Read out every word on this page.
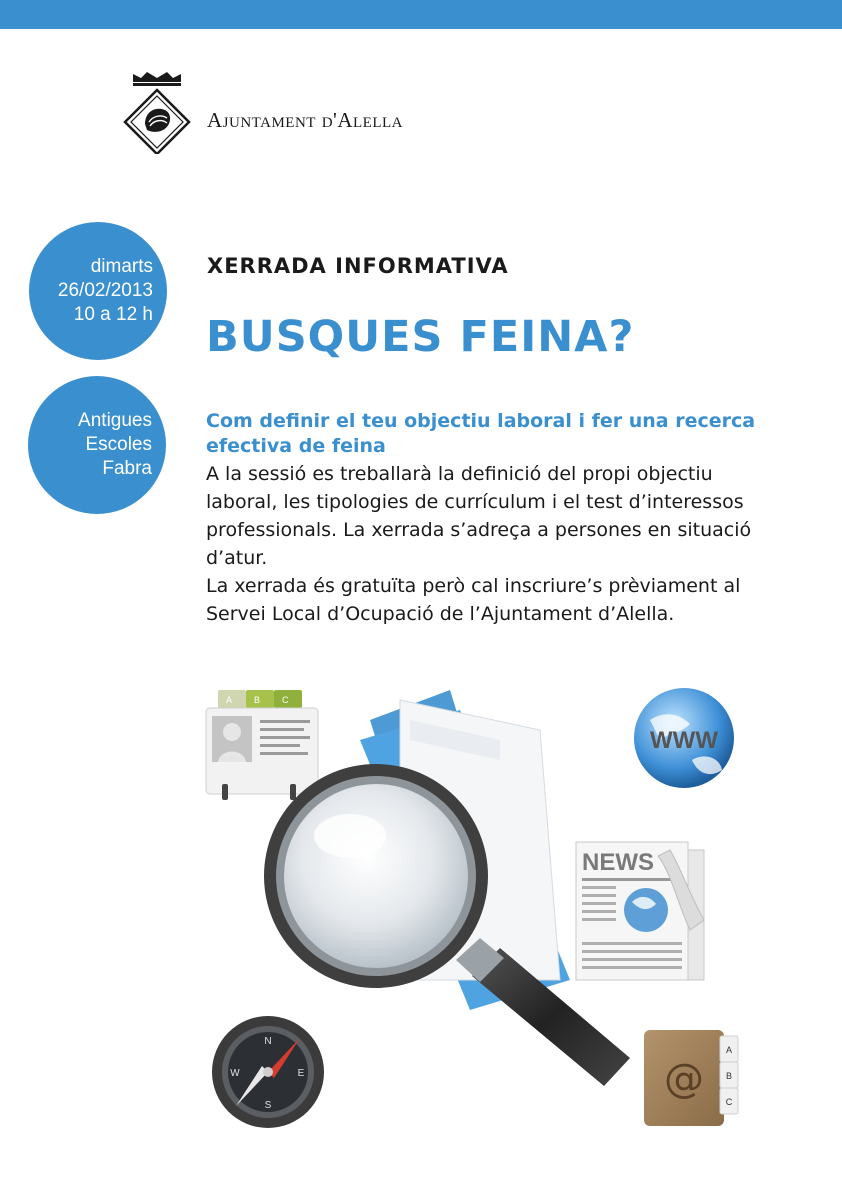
Ajuntament d'Alella
dimarts
26/02/2013
10 a 12 h
Antigues
Escoles
Fabra
XERRADA INFORMATIVA
BUSQUES FEINA?
Com definir el teu objectiu laboral i fer una recerca efectiva de feina

A la sessió es treballarà la definició del propi objectiu laboral, les tipologies de currículum i el test d’interessos professionals. La xerrada s’adreça a persones en situació d’atur.

La xerrada és gratuïta però cal inscriure’s prèviament al Servei Local d’Ocupació de l’Ajuntament d’Alella.

A B C
WWW
NEWS
N
S
E
W
A
B
C
@
